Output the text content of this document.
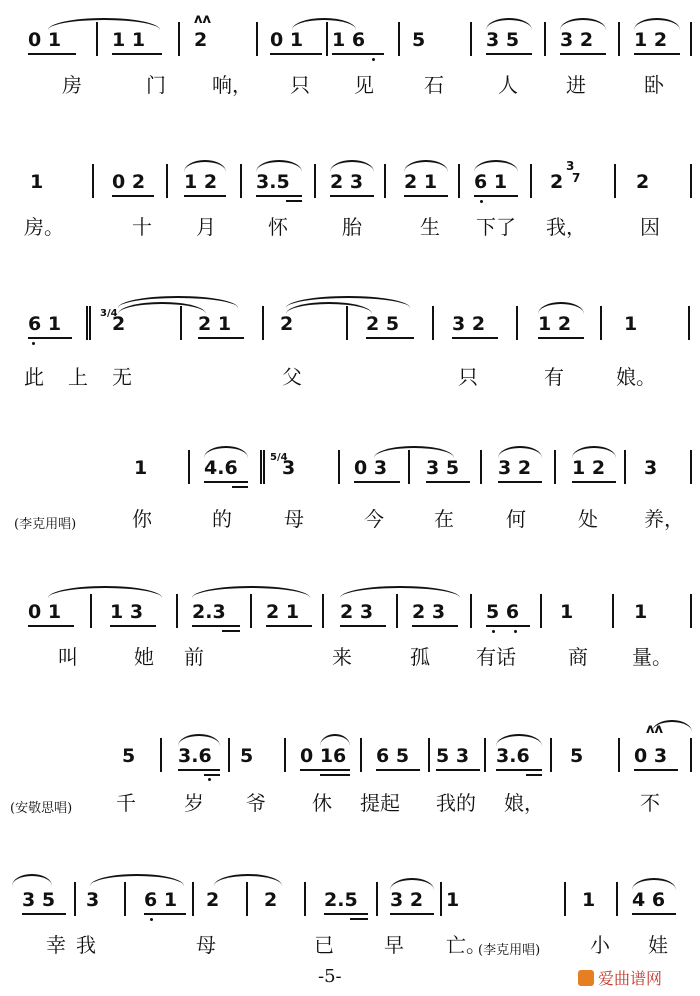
0 1	1 1	2
ʌʌ
0 1 1 6 5	3 5 3 2 1 2
房	门 响， 只 见	石	人 进	卧
1	0 2 1 2 3.5 2 3 2 1 6 1 2
3
7	2
房。	十 月	怀	胎	生 下了 我，	因
6 1	3/4
2	2 1	2	2 5	3 2	1 2	1
此上 无	父	只	有	娘。
1	4.6	5/4
3	0 3 3 5 3 2 1 2 3
(李克用唱)	你	的	母	今	在	何	处 养，
0 1	1 3	2.3 2 1 2 3 2 3 5 6 1	1
叫	她前	来	孤 有话	商 量。
5 3.6 5 0 16 6 5 5 3 3.6 5	0 3
ʌʌ
(安敬思唱) 千 岁 爷 休 提起 我的 娘，	不
3 5 3 6 1 2 2 2.5 3 2 1	1 4 6
幸我	母	已	早 亡。
(李克用唱) 小 娃
-5-	爱曲谱网
